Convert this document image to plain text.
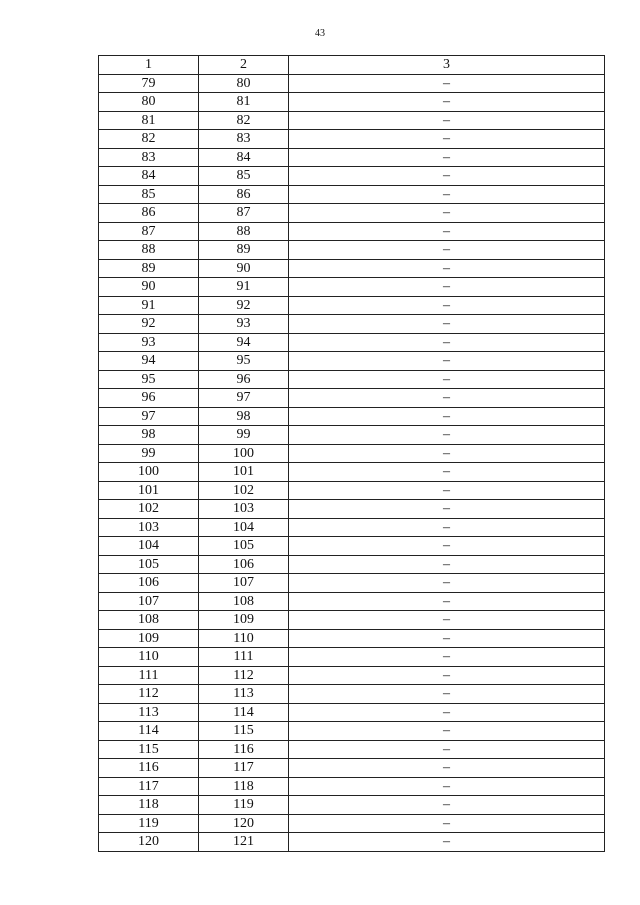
43
1	2	3
79	80	–
80	81	–
81	82	–
82	83	–
83	84	–
84	85	–
85	86	–
86	87	–
87	88	–
88	89	–
89	90	–
90	91	–
91	92	–
92	93	–
93	94	–
94	95	–
95	96	–
96	97	–
97	98	–
98	99	–
99	100	–
100	101	–
101	102	–
102	103	–
103	104	–
104	105	–
105	106	–
106	107	–
107	108	–
108	109	–
109	110	–
110	111	–
111	112	–
112	113	–
113	114	–
114	115	–
115	116	–
116	117	–
117	118	–
118	119	–
119	120	–
120	121	–
